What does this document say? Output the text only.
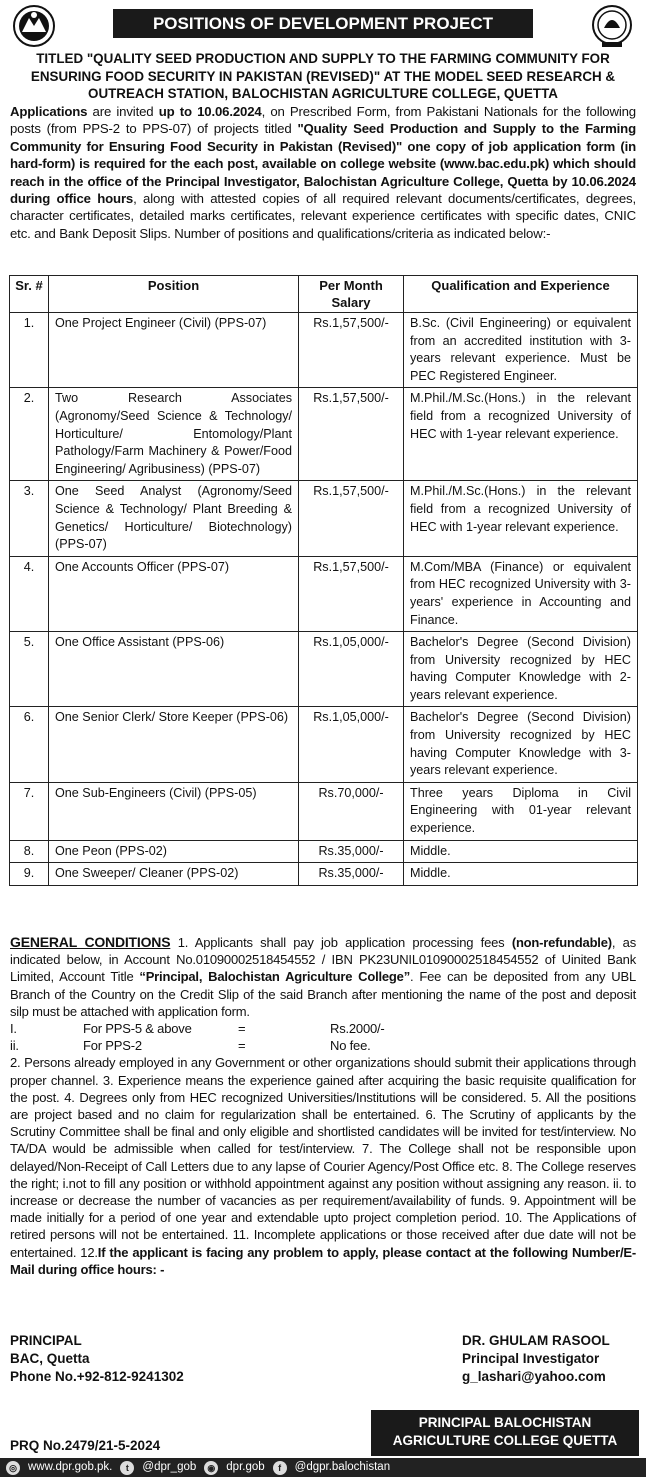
POSITIONS OF DEVELOPMENT PROJECT
TITLED "QUALITY SEED PRODUCTION AND SUPPLY TO THE FARMING COMMUNITY FOR ENSURING FOOD SECURITY IN PAKISTAN (REVISED)" AT THE MODEL SEED RESEARCH & OUTREACH STATION, BALOCHISTAN AGRICULTURE COLLEGE, QUETTA
Applications are invited up to 10.06.2024, on Prescribed Form, from Pakistani Nationals for the following posts (from PPS-2 to PPS-07) of projects titled "Quality Seed Production and Supply to the Farming Community for Ensuring Food Security in Pakistan (Revised)" one copy of job application form (in hard-form) is required for the each post, available on college website (www.bac.edu.pk) which should reach in the office of the Principal Investigator, Balochistan Agriculture College, Quetta by 10.06.2024 during office hours, along with attested copies of all required relevant documents/certificates, degrees, character certificates, detailed marks certificates, relevant experience certificates with specific dates, CNIC etc. and Bank Deposit Slips. Number of positions and qualifications/criteria as indicated below:-
Sr. #	Position	Per Month Salary	Qualification and Experience
1.	One Project Engineer (Civil) (PPS-07)	Rs.1,57,500/-	B.Sc. (Civil Engineering) or equivalent from an accredited institution with 3-years relevant experience. Must be PEC Registered Engineer.
2.	Two Research Associates (Agronomy/Seed Science & Technology/ Horticulture/ Entomology/Plant Pathology/Farm Machinery & Power/Food Engineering/ Agribusiness) (PPS-07)	Rs.1,57,500/-	M.Phil./M.Sc.(Hons.) in the relevant field from a recognized University of HEC with 1-year relevant experience.
3.	One Seed Analyst (Agronomy/Seed Science & Technology/ Plant Breeding & Genetics/ Horticulture/ Biotechnology) (PPS-07)	Rs.1,57,500/-	M.Phil./M.Sc.(Hons.) in the relevant field from a recognized University of HEC with 1-year relevant experience.
4.	One Accounts Officer (PPS-07)	Rs.1,57,500/-	M.Com/MBA (Finance) or equivalent from HEC recognized University with 3-years' experience in Accounting and Finance.
5.	One Office Assistant (PPS-06)	Rs.1,05,000/-	Bachelor's Degree (Second Division) from University recognized by HEC having Computer Knowledge with 2-years relevant experience.
6.	One Senior Clerk/ Store Keeper (PPS-06)	Rs.1,05,000/-	Bachelor's Degree (Second Division) from University recognized by HEC having Computer Knowledge with 3-years relevant experience.
7.	One Sub-Engineers (Civil) (PPS-05)	Rs.70,000/-	Three years Diploma in Civil Engineering with 01-year relevant experience.
8.	One Peon (PPS-02)	Rs.35,000/-	Middle.
9.	One Sweeper/ Cleaner (PPS-02)	Rs.35,000/-	Middle.
GENERAL CONDITIONS 1. Applicants shall pay job application processing fees (non-refundable), as indicated below, in Account No.01090002518454552 / IBN PK23UNIL01090002518454552 of Uinited Bank Limited, Account Title “Principal, Balochistan Agriculture College”. Fee can be deposited from any UBL Branch of the Country on the Credit Slip of the said Branch after mentioning the name of the post and deposit silp must be attached with application form.
I.	For PPS-5 & above	=	Rs.2000/-
ii.	For PPS-2	=	No fee.
2. Persons already employed in any Government or other organizations should submit their applications through proper channel. 3. Experience means the experience gained after acquiring the basic requisite qualification for the post. 4. Degrees only from HEC recognized Universities/Institutions will be considered. 5. All the positions are project based and no claim for regularization shall be entertained. 6. The Scrutiny of applicants by the Scrutiny Committee shall be final and only eligible and shortlisted candidates will be invited for test/interview. No TA/DA would be admissible when called for test/interview. 7. The College shall not be responsible upon delayed/Non-Receipt of Call Letters due to any lapse of Courier Agency/Post Office etc. 8. The College reserves the right; i.not to fill any position or withhold appointment against any position without assigning any reason. ii. to increase or decrease the number of vacancies as per requirement/availability of funds. 9. Appointment will be made initially for a period of one year and extendable upto project completion period. 10. The Applications of retired persons will not be entertained. 11. Incomplete applications or those received after due date will not be entertained. 12.If the applicant is facing any problem to apply, please contact at the following Number/E-Mail during office hours: -
PRINCIPAL
BAC, Quetta
Phone No.+92-812-9241302
DR. GHULAM RASOOL
Principal Investigator
g_lashari@yahoo.com
PRQ No.2479/21-5-2024
PRINCIPAL BALOCHISTAN
AGRICULTURE COLLEGE QUETTA
◎ www.dpr.gob.pk.	t	@dpr_gob	◉ dpr.gob	f	@dgpr.balochistan
